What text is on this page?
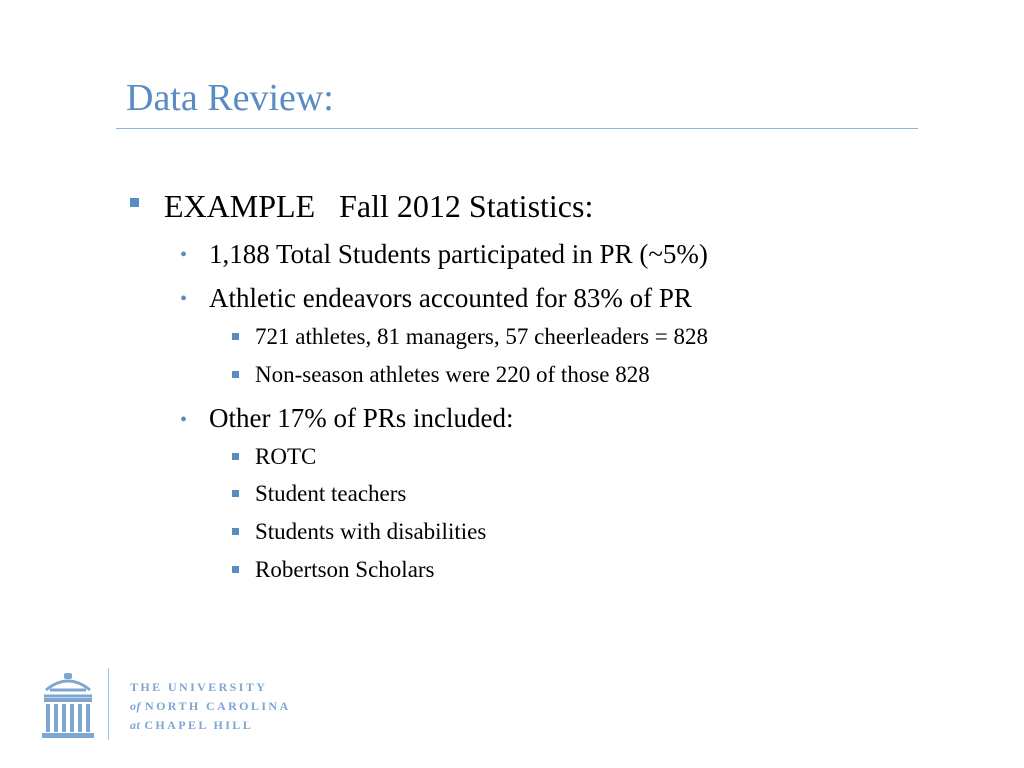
Data Review:
EXAMPLE   Fall 2012 Statistics:
• 1,188 Total Students participated in PR (~5%)
• Athletic endeavors accounted for 83% of PR
721 athletes, 81 managers, 57 cheerleaders = 828
Non-season athletes were 220 of those 828
• Other 17% of PRs included:
ROTC
Student teachers
Students with disabilities
Robertson Scholars
THE UNIVERSITY
of NORTH CAROLINA
at CHAPEL HILL
